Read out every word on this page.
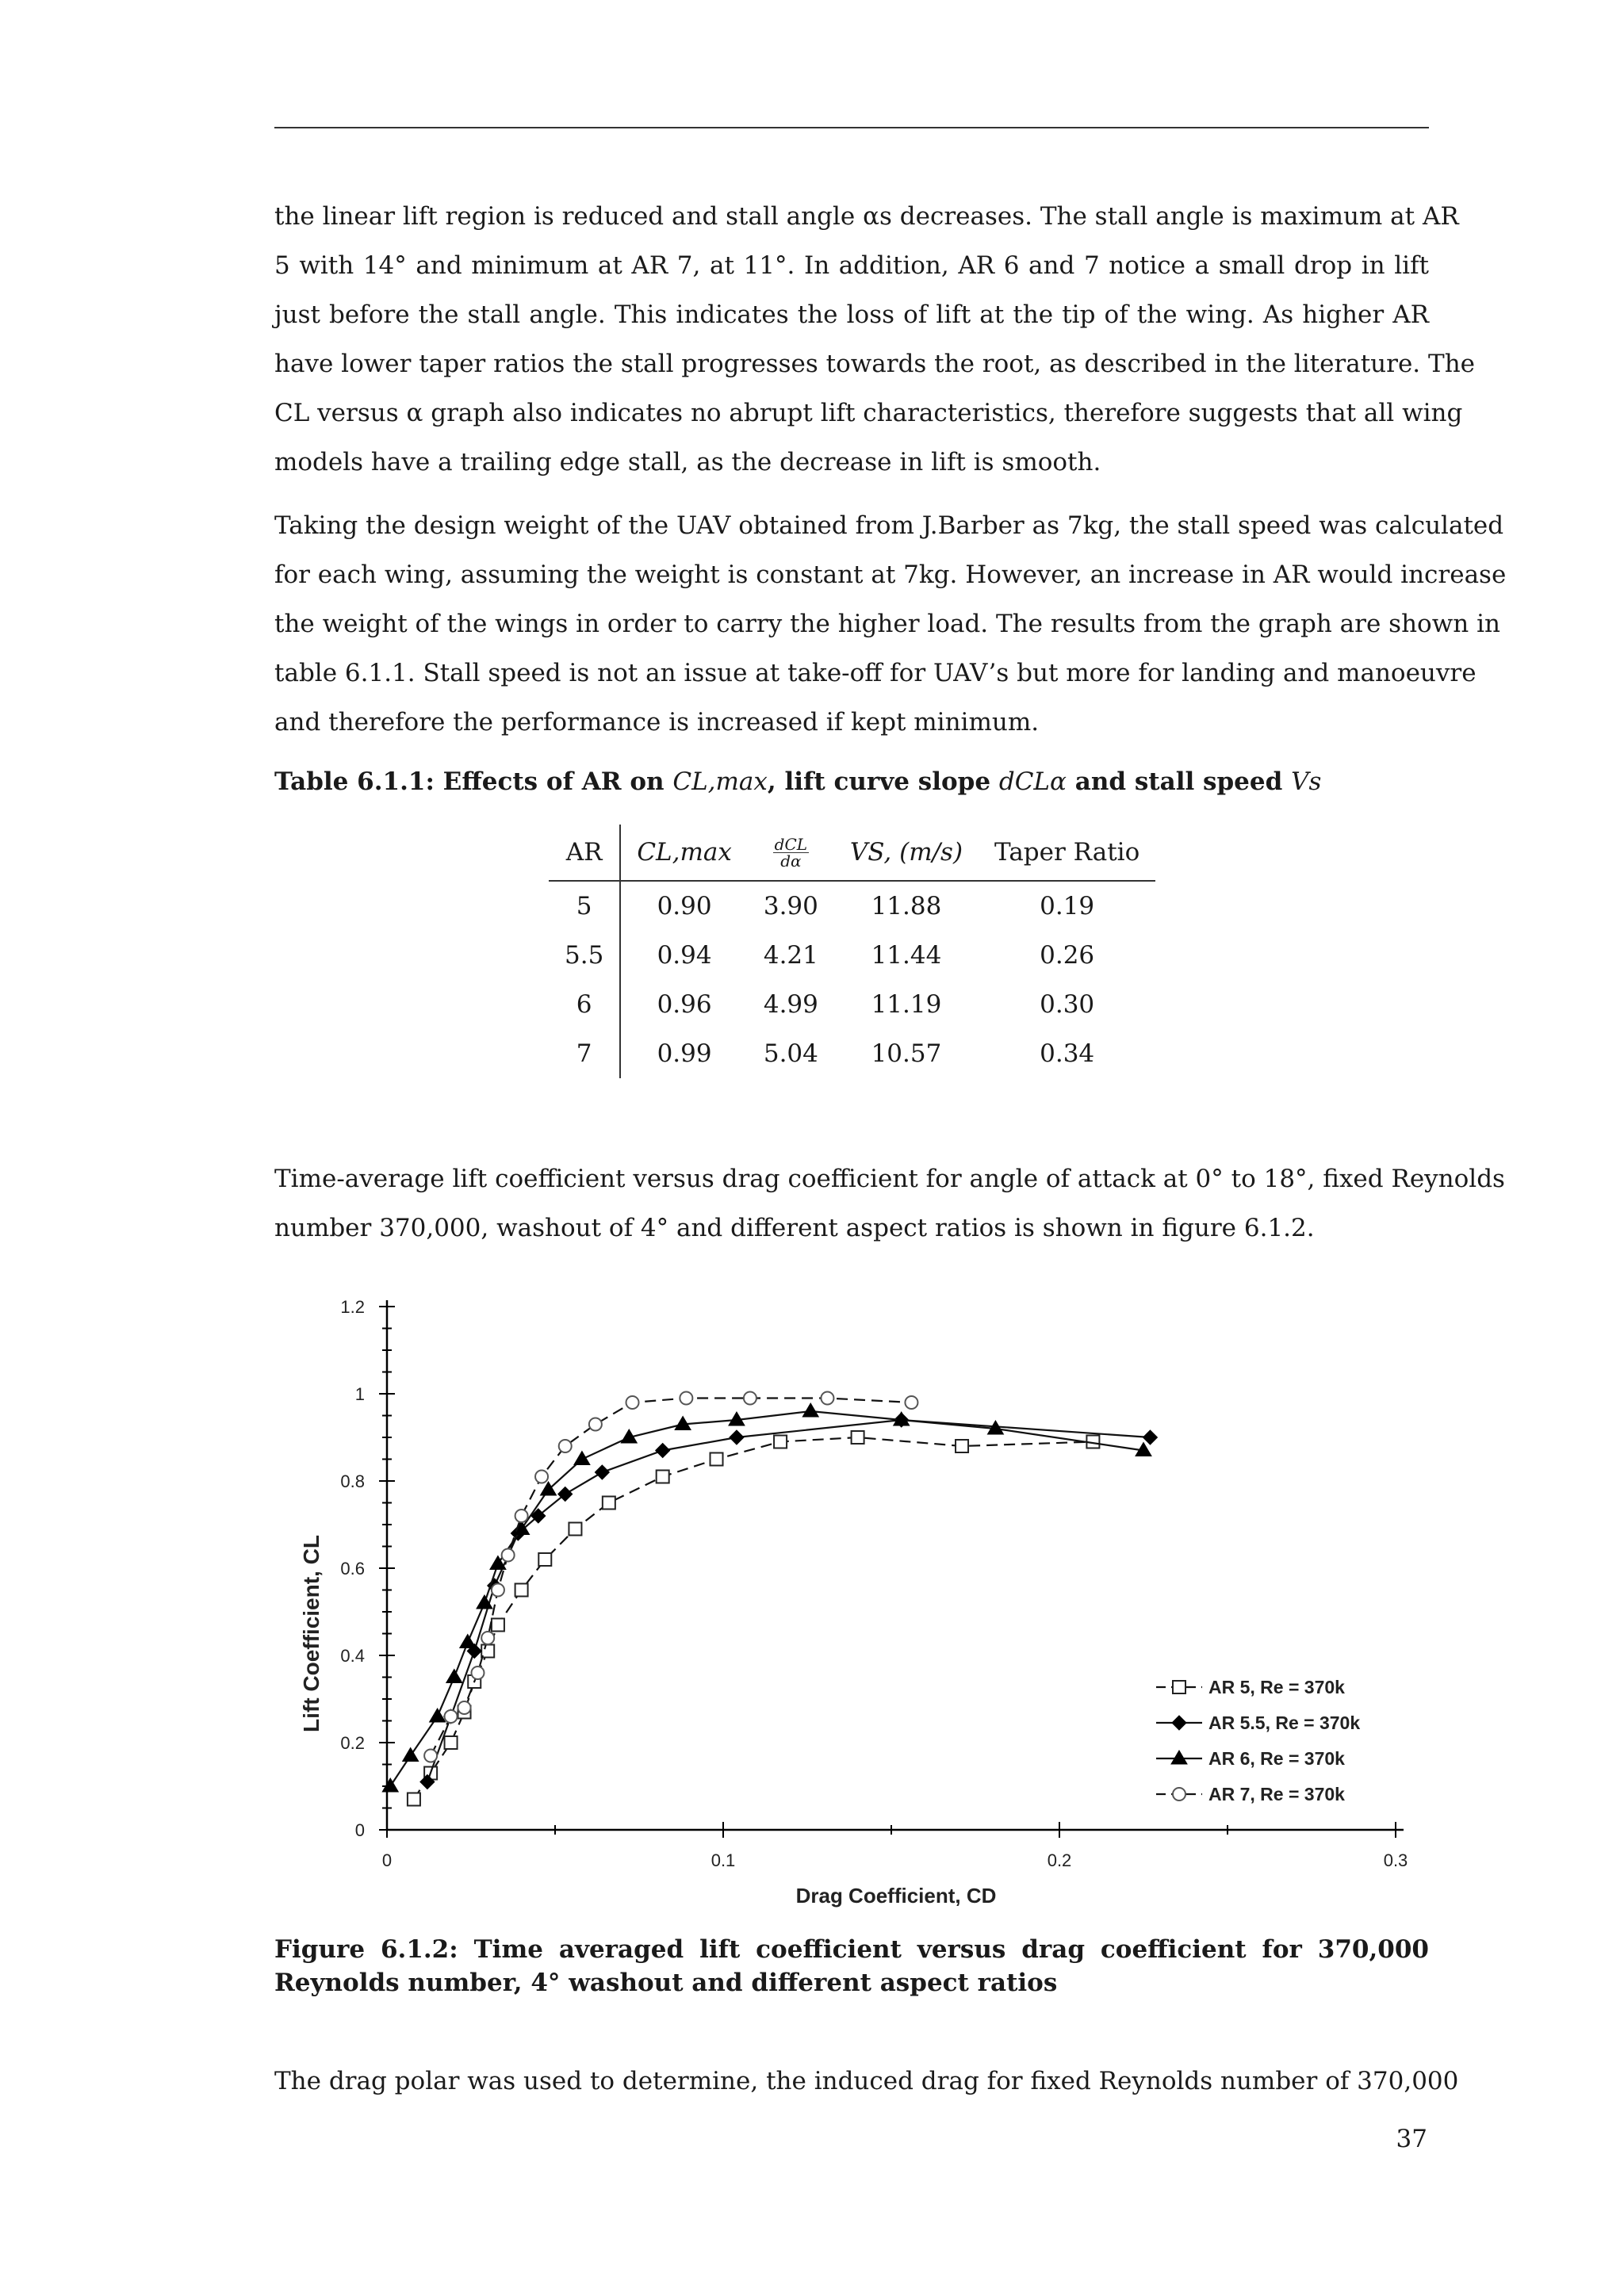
the linear lift region is reduced and stall angle αs decreases. The stall angle is maximum at AR
5 with 14° and minimum at AR 7, at 11°. In addition, AR 6 and 7 notice a small drop in lift
just before the stall angle. This indicates the loss of lift at the tip of the wing. As higher AR
have lower taper ratios the stall progresses towards the root, as described in the literature. The
CL versus α graph also indicates no abrupt lift characteristics, therefore suggests that all wing
models have a trailing edge stall, as the decrease in lift is smooth.
Taking the design weight of the UAV obtained from J.Barber as 7kg, the stall speed was calculated
for each wing, assuming the weight is constant at 7kg. However, an increase in AR would increase
the weight of the wings in order to carry the higher load. The results from the graph are shown in
table 6.1.1. Stall speed is not an issue at take-off for UAV’s but more for landing and manoeuvre
and therefore the performance is increased if kept minimum.
Table 6.1.1: Effects of AR on CL,max, lift curve slope dCLα and stall speed Vs
AR	CL,max	$\frac{\text{dCL}}{d\alpha}$	VS, (m/s)	Taper Ratio
5	0.90	3.90	11.88	0.19
5.5	0.94	4.21	11.44	0.26
6	0.96	4.99	11.19	0.30
7	0.99	5.04	10.57	0.34
Time-average lift coefficient versus drag coefficient for angle of attack at 0° to 18°, fixed Reynolds
number 370,000, washout of 4° and different aspect ratios is shown in figure 6.1.2.
0
0.2
0.4
0.6
0.8
1
1.2
0	0.1	0.2	0.3
Drag Coefficient, CD
Lift Coefficient, CL	AR 5, Re = 370k
AR 5.5, Re = 370k
AR 6, Re = 370k
AR 7, Re = 370k
Figure 6.1.2: Time averaged lift coefficient versus drag coefficient for 370,000
Reynolds number, 4° washout and different aspect ratios
The drag polar was used to determine, the induced drag for fixed Reynolds number of 370,000
37
